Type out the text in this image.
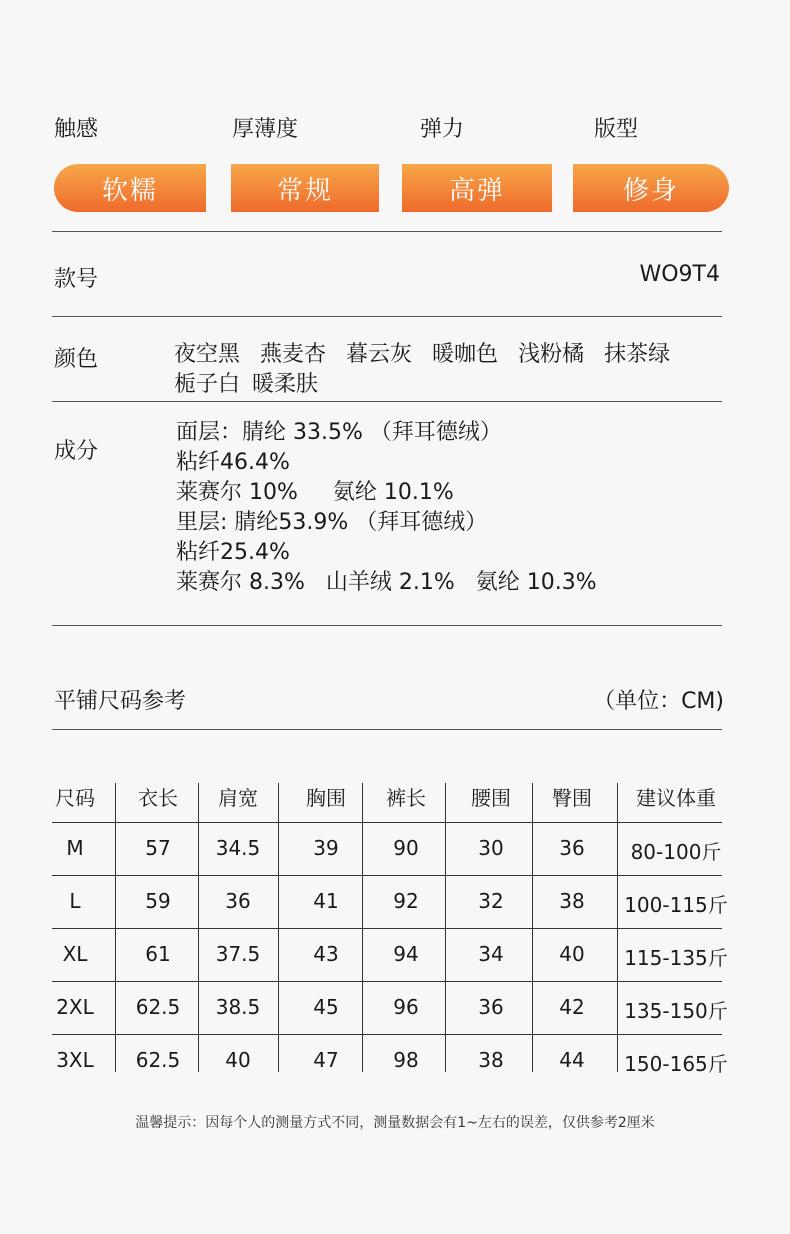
触感	厚薄度	弹力	版型
软糯	常规	高弹	修身
款号	WO9T4
颜色	夜空黑 燕麦杏 暮云灰 暖咖色 浅粉橘 抹茶绿
栀子白 暖柔肤
成分
面层：腈纶 33.5% （拜耳德绒）
粘纤46.4%
莱赛尔 10%     氨纶 10.1%
里层: 腈纶53.9% （拜耳德绒）
粘纤25.4%
莱赛尔 8.3%   山羊绒 2.1%   氨纶 10.3%
平铺尺码参考	（单位：CM)
尺码	衣长	肩宽	胸围	裤长	腰围	臀围	建议体重
M	57	34.5	39	90	30	36	80-100斤
L	59	36	41	92	32	38	100-115斤
XL	61	37.5	43	94	34	40	115-135斤
2XL	62.5	38.5	45	96	36	42	135-150斤
3XL	62.5	40	47	98	38	44	150-165斤
温馨提示：因每个人的测量方式不同，测量数据会有1~左右的误差，仅供参考2厘米
